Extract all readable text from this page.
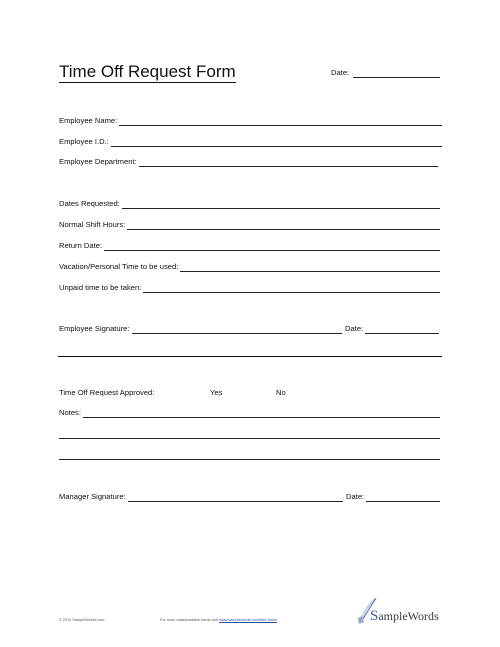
Time Off Request Form	Date:
Employee Name:
Employee I.D.:
Employee Department:
Dates Requested:
Normal Shift Hours:
Return Date:
Vacation/Personal Time to be used:
Unpaid time to be taken:
Employee Signature:	Date:
Time Off Request Approved:	Yes	No
Notes:
Manager Signature:	Date:
© 2010 SampleWords.com	For more downloadable forms visit www.samplewords.com/free-forms	SampleWords
